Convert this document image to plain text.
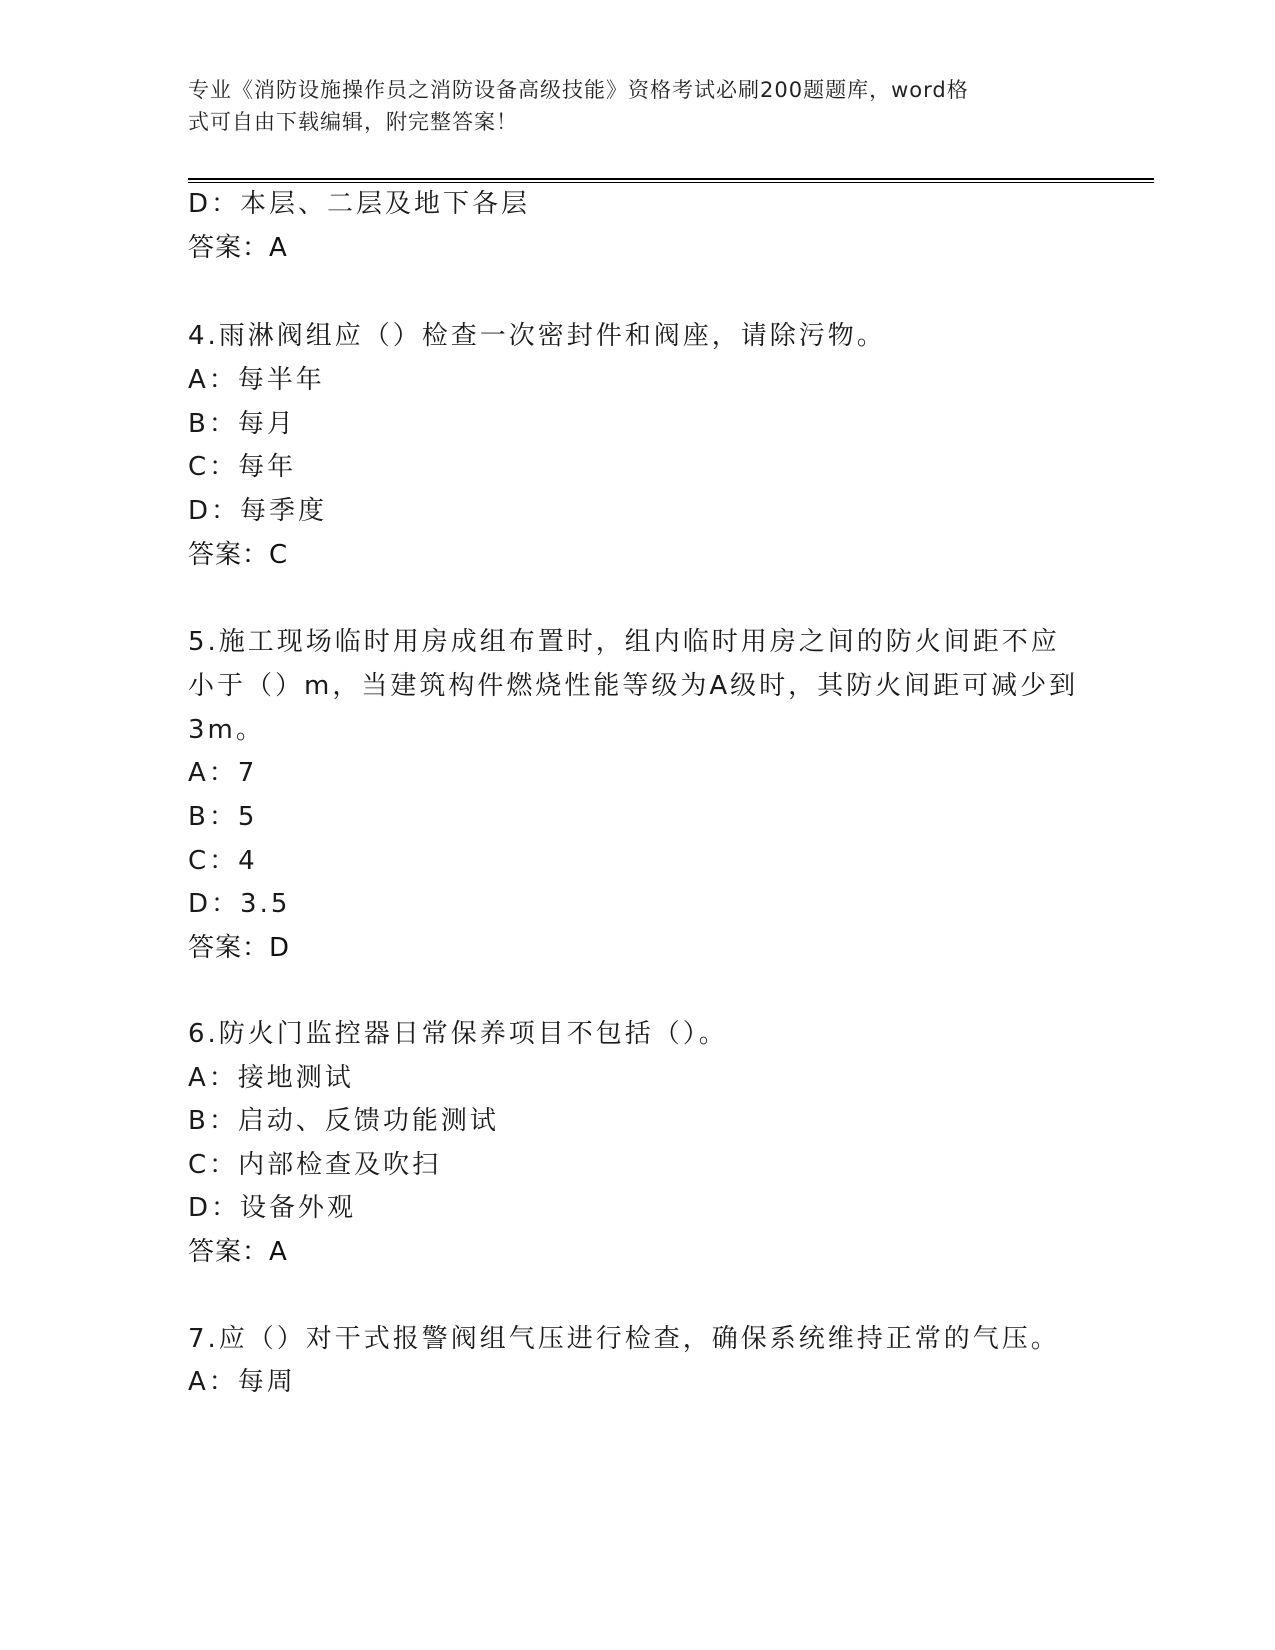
专业《消防设施操作员之消防设备高级技能》资格考试必刷200题题库，word格
式可自由下载编辑，附完整答案！
D：本层、二层及地下各层
答案：A
4.雨淋阀组应（）检查一次密封件和阀座，请除污物。
A：每半年
B：每月
C：每年
D：每季度
答案：C
5.施工现场临时用房成组布置时，组内临时用房之间的防火间距不应
小于（）m，当建筑构件燃烧性能等级为A级时，其防火间距可减少到
3m。
A：7
B：5
C：4
D：3.5
答案：D
6.防火门监控器日常保养项目不包括（）。
A：接地测试
B：启动、反馈功能测试
C：内部检查及吹扫
D：设备外观
答案：A
7.应（）对干式报警阀组气压进行检查，确保系统维持正常的气压。
A：每周
